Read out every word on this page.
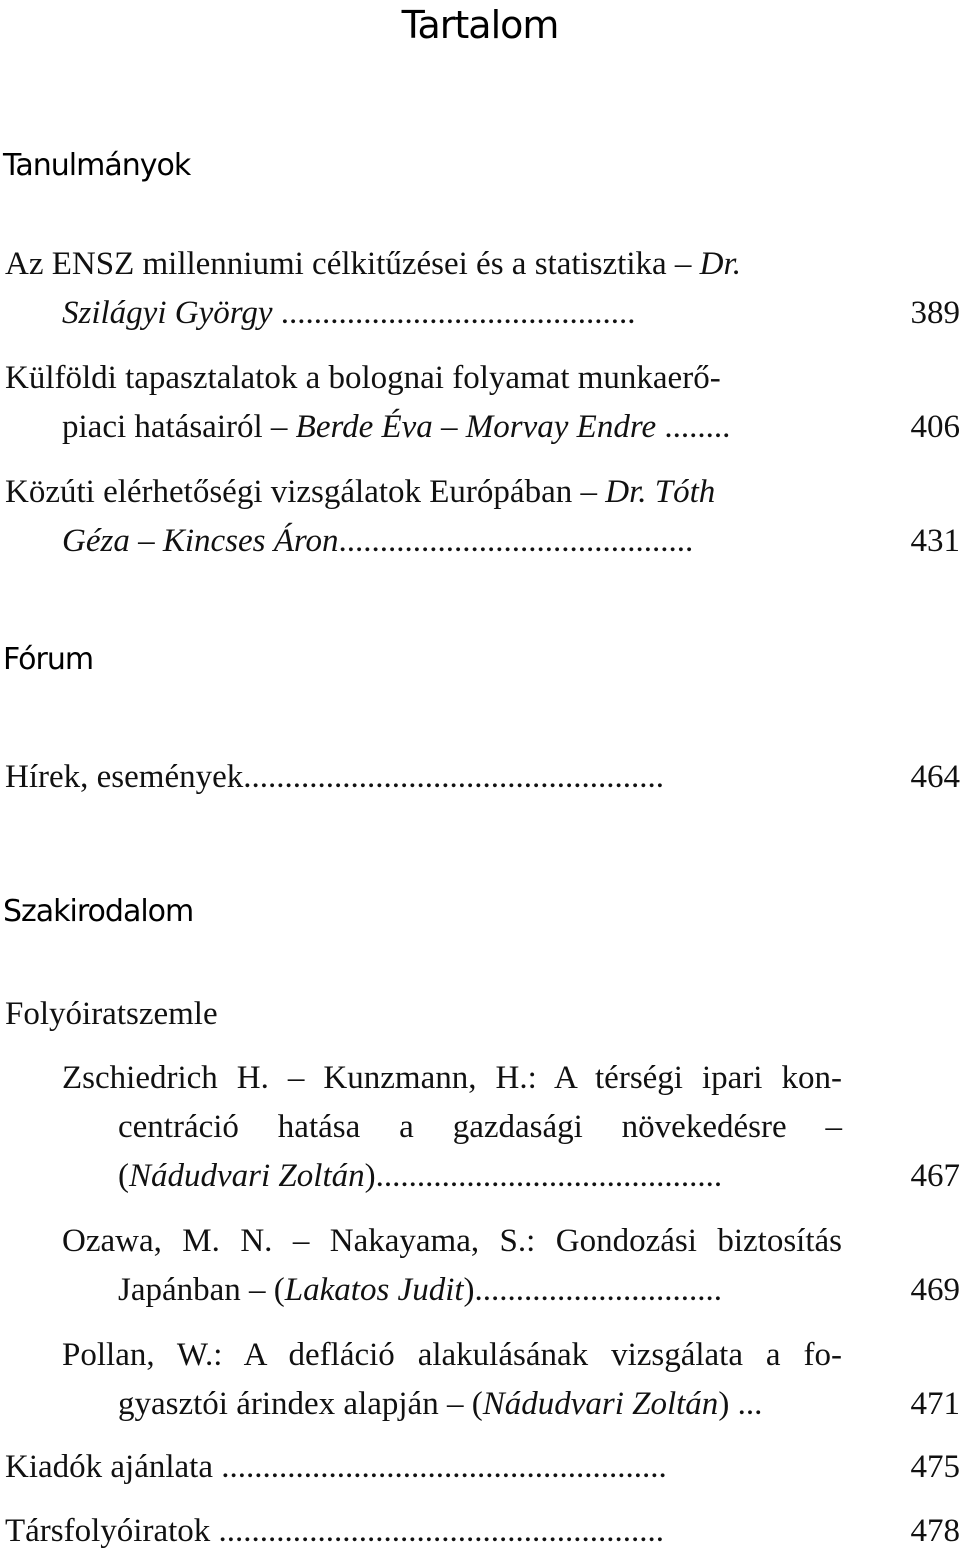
Tartalom
Tanulmányok
Az ENSZ millenniumi célkitűzései és a statisztika – Dr.
Szilágyi György ...........................................	389
Külföldi tapasztalatok a bolognai folyamat munkaerő-
piaci hatásairól – Berde Éva – Morvay Endre ........	406
Közúti elérhetőségi vizsgálatok Európában – Dr. Tóth
Géza – Kincses Áron...........................................	431
Fórum
Hírek, események...................................................	464
Szakirodalom
Folyóiratszemle
Zschiedrich H. – Kunzmann, H.: A térségi ipari kon-
centráció hatása a gazdasági növekedésre –
(Nádudvari Zoltán)..........................................	467
Ozawa, M. N. – Nakayama, S.: Gondozási biztosítás
Japánban – (Lakatos Judit)..............................	469
Pollan, W.: A defláció alakulásának vizsgálata a fo-
gyasztói árindex alapján – (Nádudvari Zoltán) ...	471
Kiadók ajánlata ......................................................	475
Társfolyóiratok ......................................................	478
